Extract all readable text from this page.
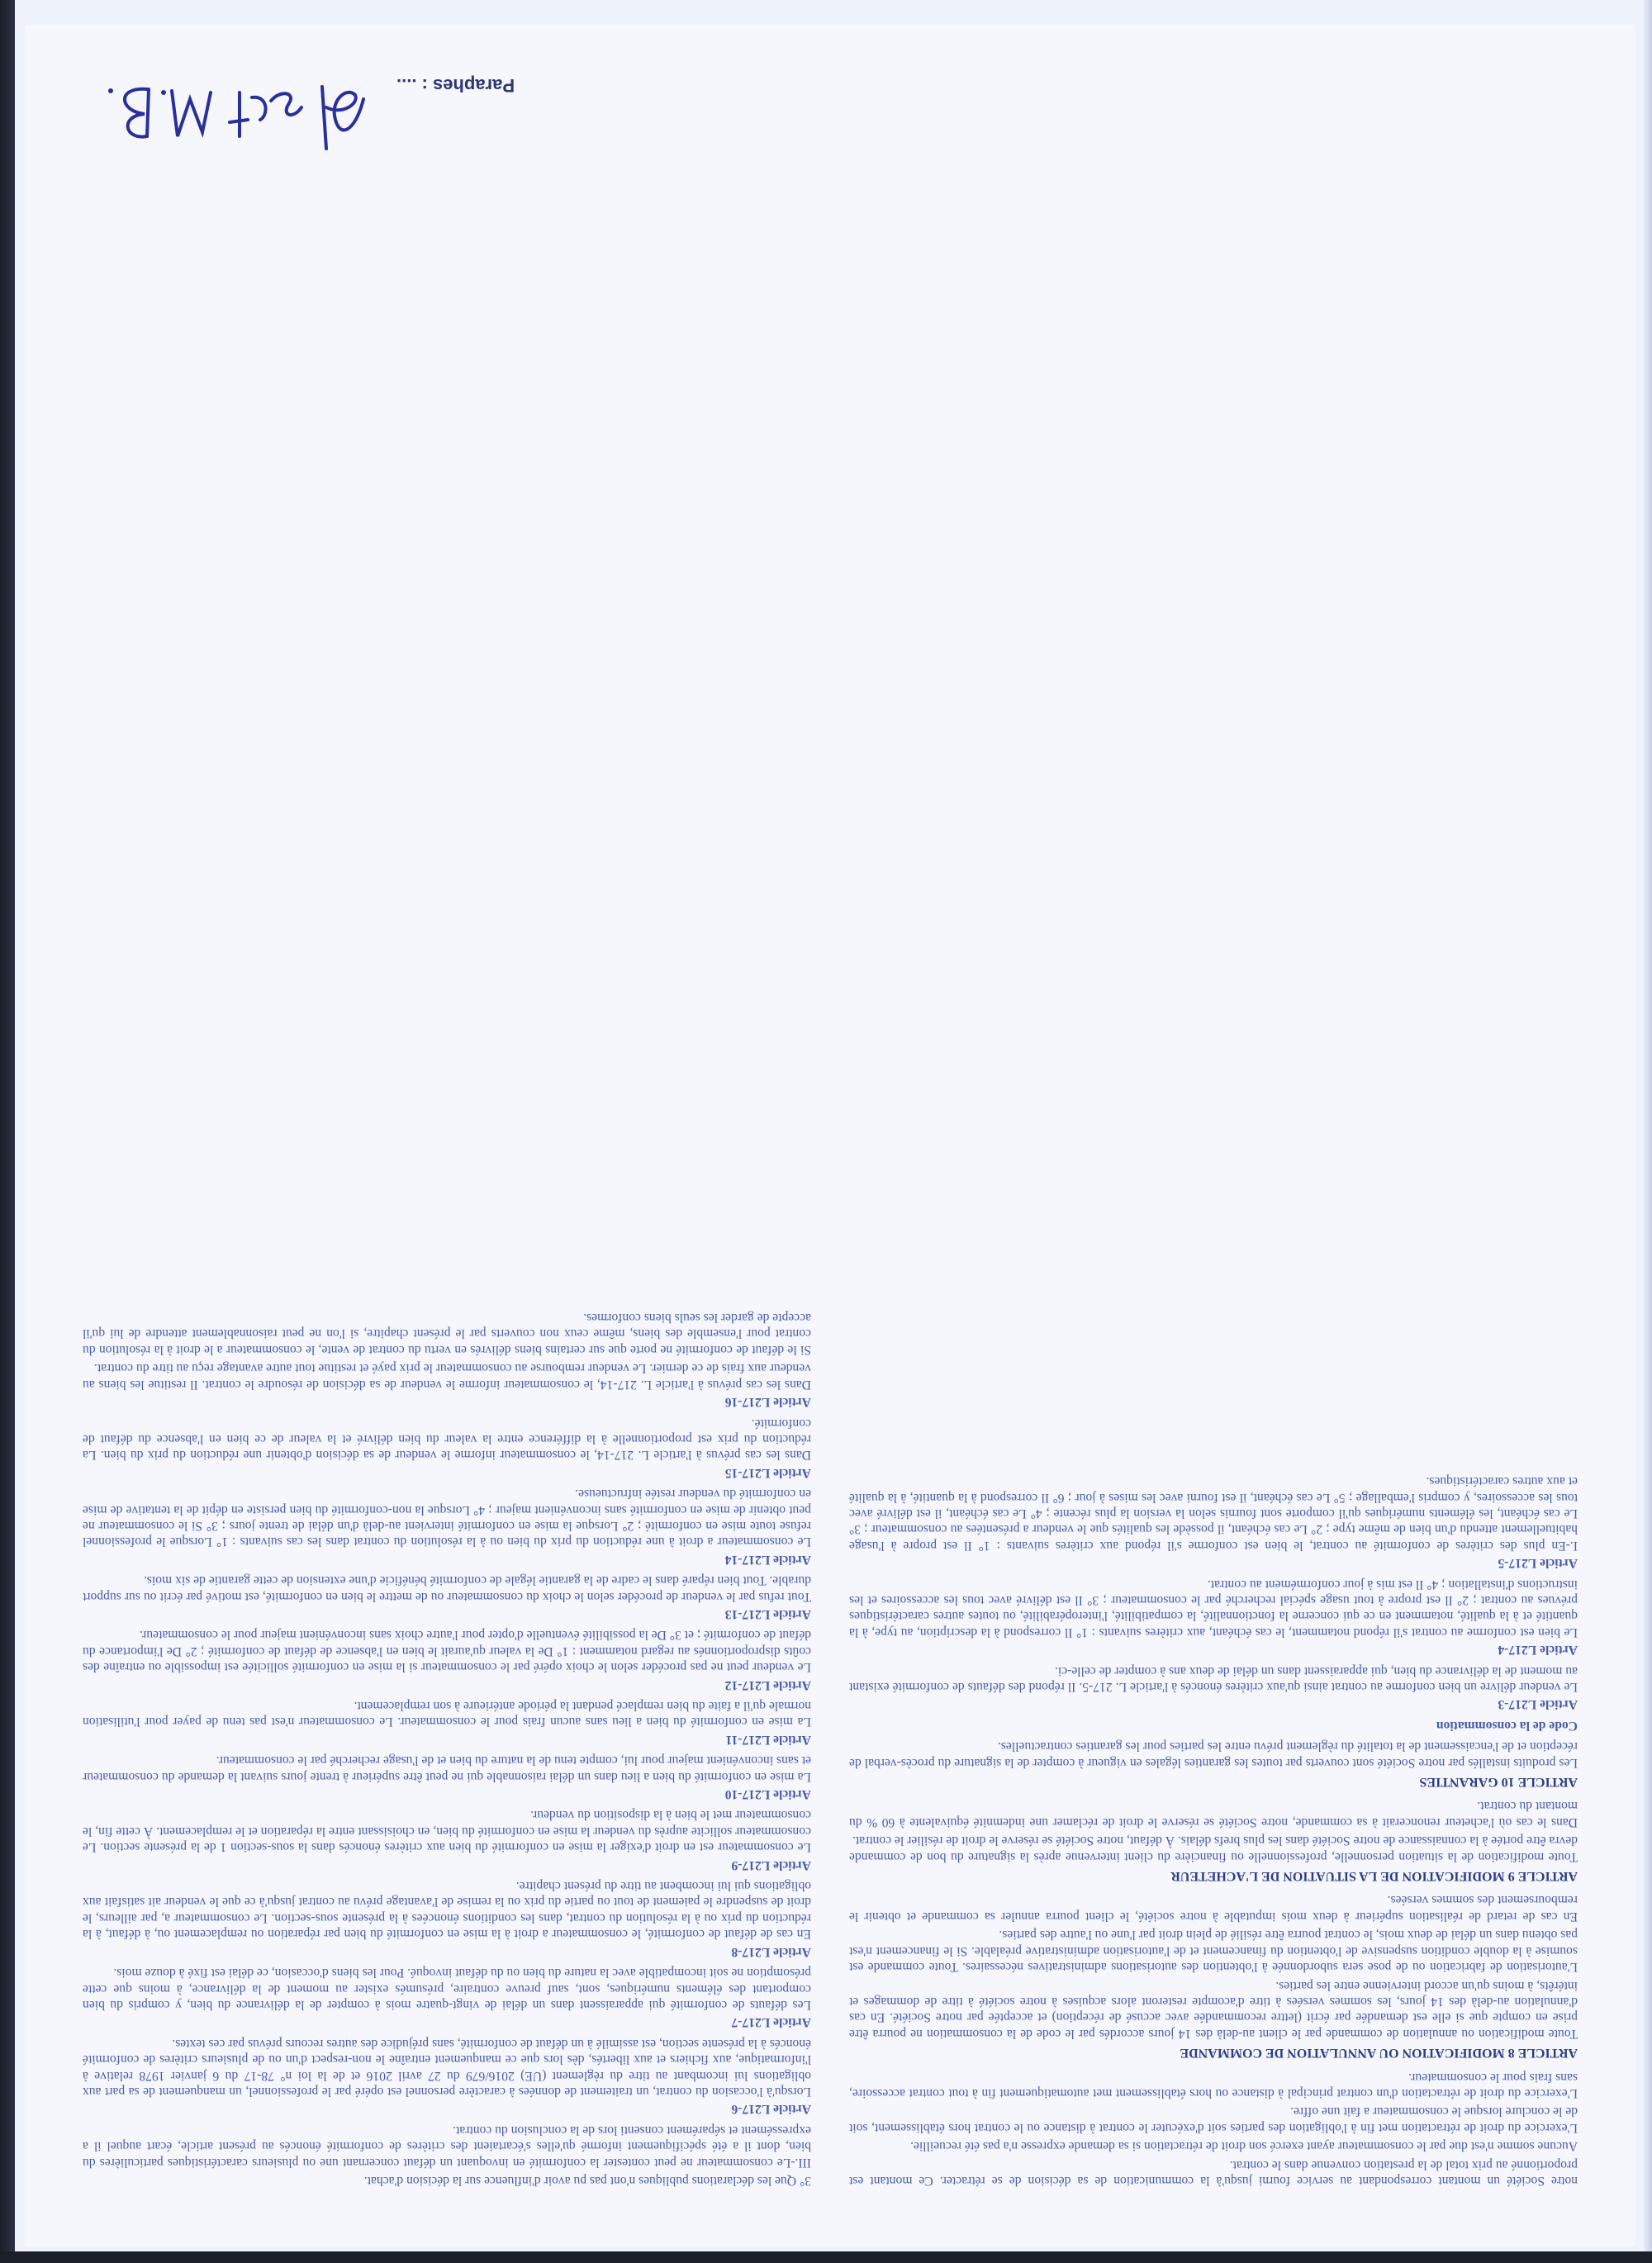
notre Société un montant correspondant au service fourni jusqu'à la communication de sa décision de se rétracter. Ce montant est proportionné au prix total de la prestation convenue dans le contrat.

Aucune somme n'est due par le consommateur ayant exercé son droit de rétractation si sa demande expresse n'a pas été recueillie.

L'exercice du droit de rétractation met fin à l'obligation des parties soit d'exécuter le contrat à distance ou le contrat hors établissement, soit de le conclure lorsque le consommateur a fait une offre.

L'exercice du droit de rétractation d'un contrat principal à distance ou hors établissement met automatiquement fin à tout contrat accessoire, sans frais pour le consommateur.

ARTICLE 8 MODIFICATION OU ANNULATION DE COMMANDE

Toute modification ou annulation de commande par le client au-delà des 14 jours accordés par le code de la consommation ne pourra être prise en compte que si elle est demandée par écrit (lettre recommandée avec accusé de réception) et acceptée par notre Société. En cas d'annulation au-delà des 14 jours, les sommes versées à titre d'acompte resteront alors acquises à notre société à titre de dommages et intérêts, à moins qu'un accord intervienne entre les parties.

L'autorisation de fabrication ou de pose sera subordonnée à l'obtention des autorisations administratives nécessaires. Toute commande est soumise à la double condition suspensive de l'obtention du financement et de l'autorisation administrative préalable. Si le financement n'est pas obtenu dans un délai de deux mois, le contrat pourra être résilié de plein droit par l'une ou l'autre des parties.

En cas de retard de réalisation supérieur à deux mois imputable à notre société, le client pourra annuler sa commande et obtenir le remboursement des sommes versées.

ARTICLE 9 MODIFICATION DE LA SITUATION DE L'ACHETEUR

Toute modification de la situation personnelle, professionnelle ou financière du client intervenue après la signature du bon de commande devra être portée à la connaissance de notre Société dans les plus brefs délais. À défaut, notre Société se réserve le droit de résilier le contrat.

Dans le cas où l'acheteur renoncerait à sa commande, notre Société se réserve le droit de réclamer une indemnité équivalente à 60 % du montant du contrat.

ARTICLE 10 GARANTIES

Les produits installés par notre Société sont couverts par toutes les garanties légales en vigueur à compter de la signature du procès-verbal de réception et de l'encaissement de la totalité du règlement prévu entre les parties pour les garanties contractuelles.

Code de la consommation
Article L217-3

Le vendeur délivre un bien conforme au contrat ainsi qu'aux critères énoncés à l'article L. 217-5. Il répond des défauts de conformité existant au moment de la délivrance du bien, qui apparaissent dans un délai de deux ans à compter de celle-ci.

Article L217-4

Le bien est conforme au contrat s'il répond notamment, le cas échéant, aux critères suivants : 1° Il correspond à la description, au type, à la quantité et à la qualité, notamment en ce qui concerne la fonctionnalité, la compatibilité, l'interopérabilité, ou toutes autres caractéristiques prévues au contrat ; 2° Il est propre à tout usage spécial recherché par le consommateur ; 3° Il est délivré avec tous les accessoires et les instructions d'installation ; 4° Il est mis à jour conformément au contrat.

Article L217-5

I.-En plus des critères de conformité au contrat, le bien est conforme s'il répond aux critères suivants : 1° Il est propre à l'usage habituellement attendu d'un bien de même type ; 2° Le cas échéant, il possède les qualités que le vendeur a présentées au consommateur ; 3° Le cas échéant, les éléments numériques qu'il comporte sont fournis selon la version la plus récente ; 4° Le cas échéant, il est délivré avec tous les accessoires, y compris l'emballage ; 5° Le cas échéant, il est fourni avec les mises à jour ; 6° Il correspond à la quantité, à la qualité et aux autres caractéristiques.

3° Que les déclarations publiques n'ont pas pu avoir d'influence sur la décision d'achat.

III.-Le consommateur ne peut contester la conformité en invoquant un défaut concernant une ou plusieurs caractéristiques particulières du bien, dont il a été spécifiquement informé qu'elles s'écartaient des critères de conformité énoncés au présent article, écart auquel il a expressément et séparément consenti lors de la conclusion du contrat.

Article L217-6

Lorsqu'à l'occasion du contrat, un traitement de données à caractère personnel est opéré par le professionnel, un manquement de sa part aux obligations lui incombant au titre du règlement (UE) 2016/679 du 27 avril 2016 et de la loi n° 78-17 du 6 janvier 1978 relative à l'informatique, aux fichiers et aux libertés, dès lors que ce manquement entraîne le non-respect d'un ou de plusieurs critères de conformité énoncés à la présente section, est assimilé à un défaut de conformité, sans préjudice des autres recours prévus par ces textes.

Article L217-7

Les défauts de conformité qui apparaissent dans un délai de vingt-quatre mois à compter de la délivrance du bien, y compris du bien comportant des éléments numériques, sont, sauf preuve contraire, présumés exister au moment de la délivrance, à moins que cette présomption ne soit incompatible avec la nature du bien ou du défaut invoqué. Pour les biens d'occasion, ce délai est fixé à douze mois.

Article L217-8

En cas de défaut de conformité, le consommateur a droit à la mise en conformité du bien par réparation ou remplacement ou, à défaut, à la réduction du prix ou à la résolution du contrat, dans les conditions énoncées à la présente sous-section. Le consommateur a, par ailleurs, le droit de suspendre le paiement de tout ou partie du prix ou la remise de l'avantage prévu au contrat jusqu'à ce que le vendeur ait satisfait aux obligations qui lui incombent au titre du présent chapitre.

Article L217-9

Le consommateur est en droit d'exiger la mise en conformité du bien aux critères énoncés dans la sous-section 1 de la présente section. Le consommateur sollicite auprès du vendeur la mise en conformité du bien, en choisissant entre la réparation et le remplacement. À cette fin, le consommateur met le bien à la disposition du vendeur.

Article L217-10

La mise en conformité du bien a lieu dans un délai raisonnable qui ne peut être supérieur à trente jours suivant la demande du consommateur et sans inconvénient majeur pour lui, compte tenu de la nature du bien et de l'usage recherché par le consommateur.

Article L217-11

La mise en conformité du bien a lieu sans aucun frais pour le consommateur. Le consommateur n'est pas tenu de payer pour l'utilisation normale qu'il a faite du bien remplacé pendant la période antérieure à son remplacement.

Article L217-12

Le vendeur peut ne pas procéder selon le choix opéré par le consommateur si la mise en conformité sollicitée est impossible ou entraîne des coûts disproportionnés au regard notamment : 1° De la valeur qu'aurait le bien en l'absence de défaut de conformité ; 2° De l'importance du défaut de conformité ; et 3° De la possibilité éventuelle d'opter pour l'autre choix sans inconvénient majeur pour le consommateur.

Article L217-13

Tout refus par le vendeur de procéder selon le choix du consommateur ou de mettre le bien en conformité, est motivé par écrit ou sur support durable. Tout bien réparé dans le cadre de la garantie légale de conformité bénéficie d'une extension de cette garantie de six mois.

Article L217-14

Le consommateur a droit à une réduction du prix du bien ou à la résolution du contrat dans les cas suivants : 1° Lorsque le professionnel refuse toute mise en conformité ; 2° Lorsque la mise en conformité intervient au-delà d'un délai de trente jours ; 3° Si le consommateur ne peut obtenir de mise en conformité sans inconvénient majeur ; 4° Lorsque la non-conformité du bien persiste en dépit de la tentative de mise en conformité du vendeur restée infructueuse.

Article L217-15

Dans les cas prévus à l'article L. 217-14, le consommateur informe le vendeur de sa décision d'obtenir une réduction du prix du bien. La réduction du prix est proportionnelle à la différence entre la valeur du bien délivré et la valeur de ce bien en l'absence du défaut de conformité.

Article L217-16

Dans les cas prévus à l'article L. 217-14, le consommateur informe le vendeur de sa décision de résoudre le contrat. Il restitue les biens au vendeur aux frais de ce dernier. Le vendeur rembourse au consommateur le prix payé et restitue tout autre avantage reçu au titre du contrat.

Si le défaut de conformité ne porte que sur certains biens délivrés en vertu du contrat de vente, le consommateur a le droit à la résolution du contrat pour l'ensemble des biens, même ceux non couverts par le présent chapitre, si l'on ne peut raisonnablement attendre de lui qu'il accepte de garder les seuls biens conformes.

Paraphes : ....
